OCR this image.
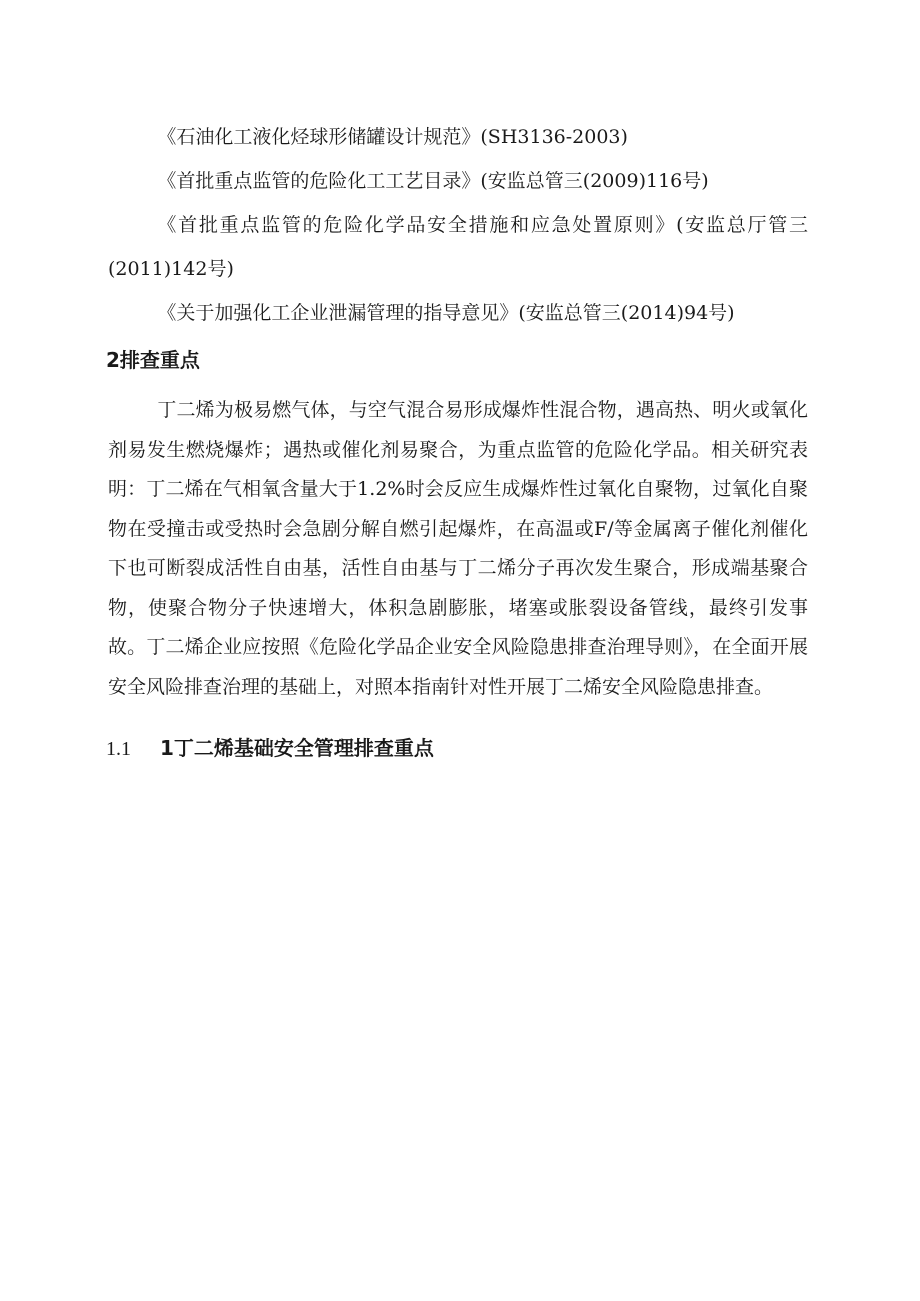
《石油化工液化烃球形储罐设计规范》(SH3136-2003)

《首批重点监管的危险化工工艺目录》(安监总管三(2009)116号)

《首批重点监管的危险化学品安全措施和应急处置原则》(安监总厅管三(2011)142号)

《关于加强化工企业泄漏管理的指导意见》(安监总管三(2014)94号)

2排查重点

丁二烯为极易燃气体，与空气混合易形成爆炸性混合物，遇高热、明火或氧化剂易发生燃烧爆炸；遇热或催化剂易聚合，为重点监管的危险化学品。相关研究表明：丁二烯在气相氧含量大于1.2%时会反应生成爆炸性过氧化自聚物，过氧化自聚物在受撞击或受热时会急剧分解自燃引起爆炸，在高温或F/等金属离子催化剂催化下也可断裂成活性自由基，活性自由基与丁二烯分子再次发生聚合，形成端基聚合物，使聚合物分子快速增大，体积急剧膨胀，堵塞或胀裂设备管线，最终引发事故。丁二烯企业应按照《危险化学品企业安全风险隐患排查治理导则》，在全面开展安全风险排查治理的基础上，对照本指南针对性开展丁二烯安全风险隐患排查。

1.1	1丁二烯基础安全管理排查重点
